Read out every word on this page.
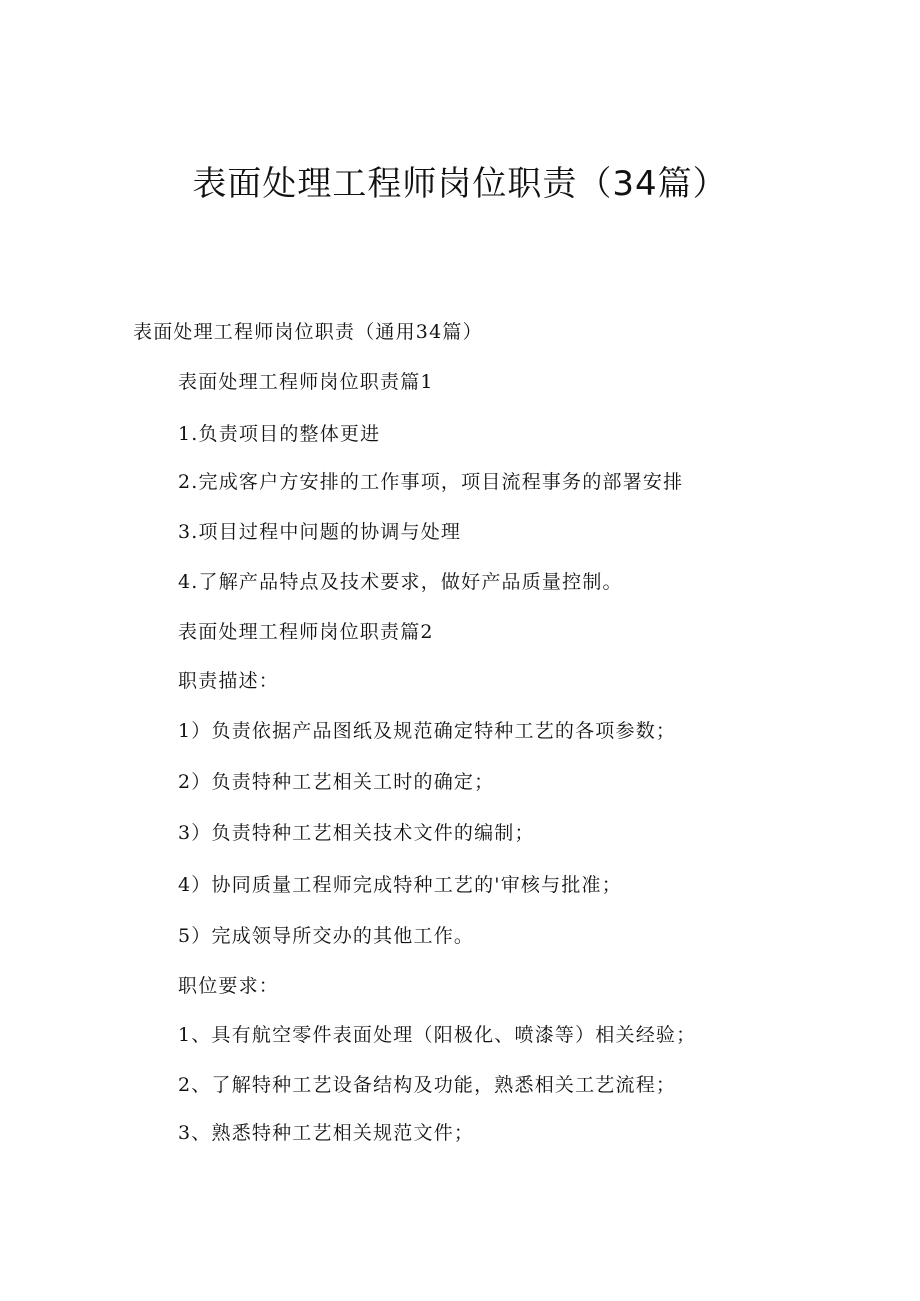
表面处理工程师岗位职责（34篇）

表面处理工程师岗位职责（通用34篇）

表面处理工程师岗位职责篇1

1.负责项目的整体更进

2.完成客户方安排的工作事项，项目流程事务的部署安排

3.项目过程中问题的协调与处理

4.了解产品特点及技术要求，做好产品质量控制。

表面处理工程师岗位职责篇2

职责描述：

1）负责依据产品图纸及规范确定特种工艺的各项参数；

2）负责特种工艺相关工时的确定；

3）负责特种工艺相关技术文件的编制；

4）协同质量工程师完成特种工艺的'审核与批准；

5）完成领导所交办的其他工作。

职位要求：

1、具有航空零件表面处理（阳极化、喷漆等）相关经验；

2、了解特种工艺设备结构及功能，熟悉相关工艺流程；

3、熟悉特种工艺相关规范文件；
